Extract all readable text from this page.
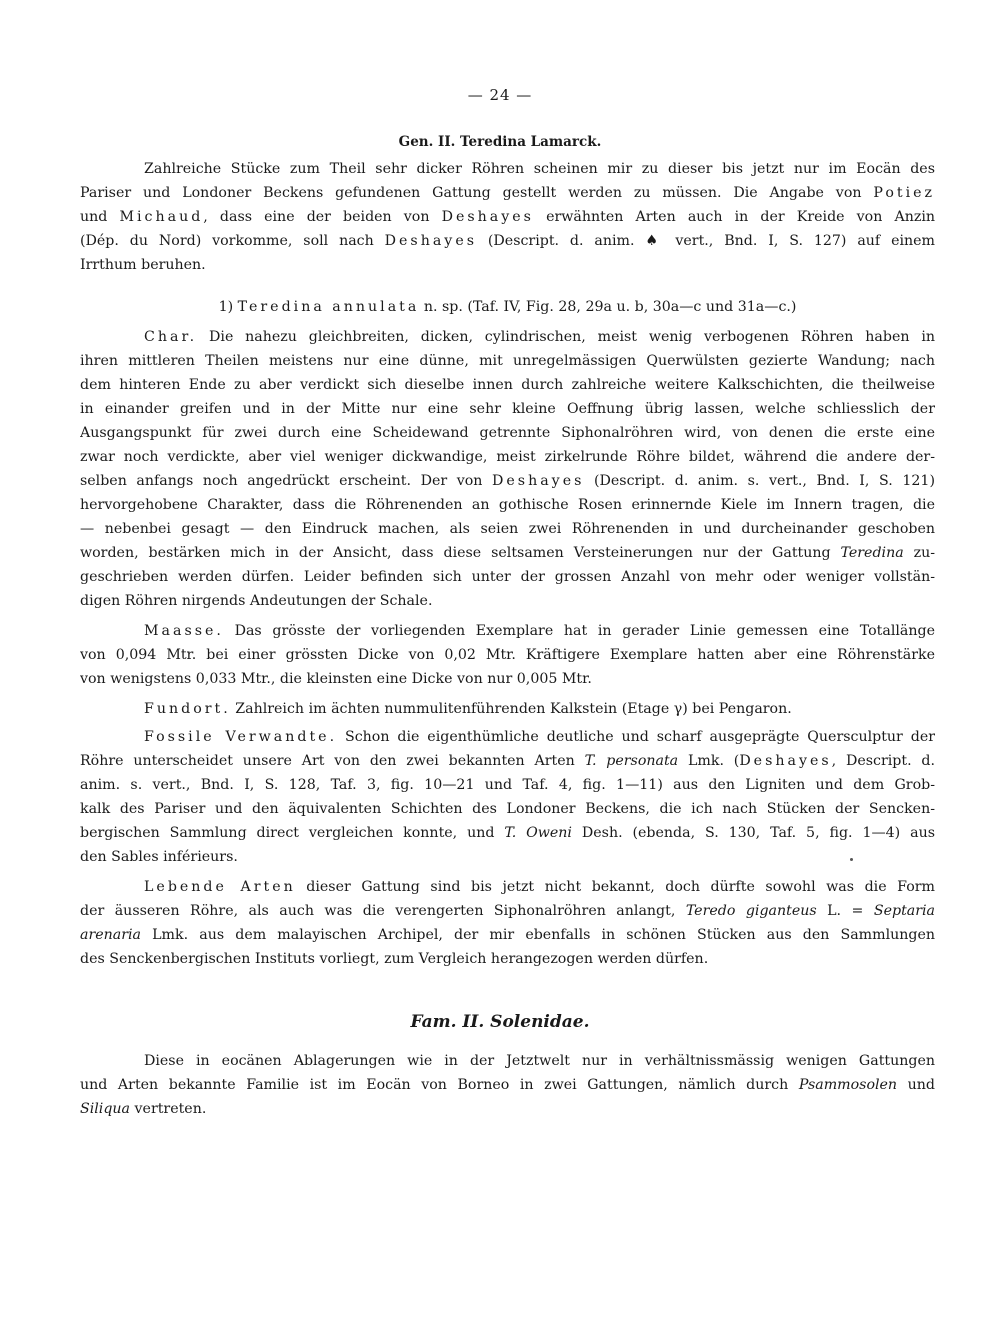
— 24 —
Gen. II. Teredina Lamarck.
Zahlreiche Stücke zum Theil sehr dicker Röhren scheinen mir zu dieser bis jetzt nur im Eocän des
Pariser und Londoner Beckens gefundenen Gattung gestellt werden zu müssen. Die Angabe von Potiez
und Michaud, dass eine der beiden von Deshayes erwähnten Arten auch in der Kreide von Anzin
(Dép. du Nord) vorkomme, soll nach Deshayes (Descript. d. anim. ♠ vert., Bnd. I, S. 127) auf einem
Irrthum beruhen.
1) Teredina annulata n. sp. (Taf. IV, Fig. 28, 29a u. b, 30a—c und 31a—c.)
Char. Die nahezu gleichbreiten, dicken, cylindrischen, meist wenig verbogenen Röhren haben in
ihren mittleren Theilen meistens nur eine dünne, mit unregelmässigen Querwülsten gezierte Wandung; nach
dem hinteren Ende zu aber verdickt sich dieselbe innen durch zahlreiche weitere Kalkschichten, die theilweise
in einander greifen und in der Mitte nur eine sehr kleine Oeffnung übrig lassen, welche schliesslich der
Ausgangspunkt für zwei durch eine Scheidewand getrennte Siphonalröhren wird, von denen die erste eine
zwar noch verdickte, aber viel weniger dickwandige, meist zirkelrunde Röhre bildet, während die andere der-
selben anfangs noch angedrückt erscheint. Der von Deshayes (Descript. d. anim. s. vert., Bnd. I, S. 121)
hervorgehobene Charakter, dass die Röhrenenden an gothische Rosen erinnernde Kiele im Innern tragen, die
— nebenbei gesagt — den Eindruck machen, als seien zwei Röhrenenden in und durcheinander geschoben
worden, bestärken mich in der Ansicht, dass diese seltsamen Versteinerungen nur der Gattung Teredina zu-
geschrieben werden dürfen. Leider befinden sich unter der grossen Anzahl von mehr oder weniger vollstän-
digen Röhren nirgends Andeutungen der Schale.
Maasse. Das grösste der vorliegenden Exemplare hat in gerader Linie gemessen eine Totallänge
von 0,094 Mtr. bei einer grössten Dicke von 0,02 Mtr. Kräftigere Exemplare hatten aber eine Röhrenstärke
von wenigstens 0,033 Mtr., die kleinsten eine Dicke von nur 0,005 Mtr.
Fundort. Zahlreich im ächten nummulitenführenden Kalkstein (Etage γ) bei Pengaron.
Fossile Verwandte. Schon die eigenthümliche deutliche und scharf ausgeprägte Quersculptur der
Röhre unterscheidet unsere Art von den zwei bekannten Arten T. personata Lmk. (Deshayes, Descript. d.
anim. s. vert., Bnd. I, S. 128, Taf. 3, fig. 10—21 und Taf. 4, fig. 1—11) aus den Ligniten und dem Grob-
kalk des Pariser und den äquivalenten Schichten des Londoner Beckens, die ich nach Stücken der Sencken-
bergischen Sammlung direct vergleichen konnte, und T. Oweni Desh. (ebenda, S. 130, Taf. 5, fig. 1—4) aus
den Sables inférieurs.
Lebende Arten dieser Gattung sind bis jetzt nicht bekannt, doch dürfte sowohl was die Form
der äusseren Röhre, als auch was die verengerten Siphonalröhren anlangt, Teredo giganteus L. = Septaria
arenaria Lmk. aus dem malayischen Archipel, der mir ebenfalls in schönen Stücken aus den Sammlungen
des Senckenbergischen Instituts vorliegt, zum Vergleich herangezogen werden dürfen.
Fam. II. Solenidae.
Diese in eocänen Ablagerungen wie in der Jetztwelt nur in verhältnissmässig wenigen Gattungen
und Arten bekannte Familie ist im Eocän von Borneo in zwei Gattungen, nämlich durch Psammosolen und
Siliqua vertreten.
